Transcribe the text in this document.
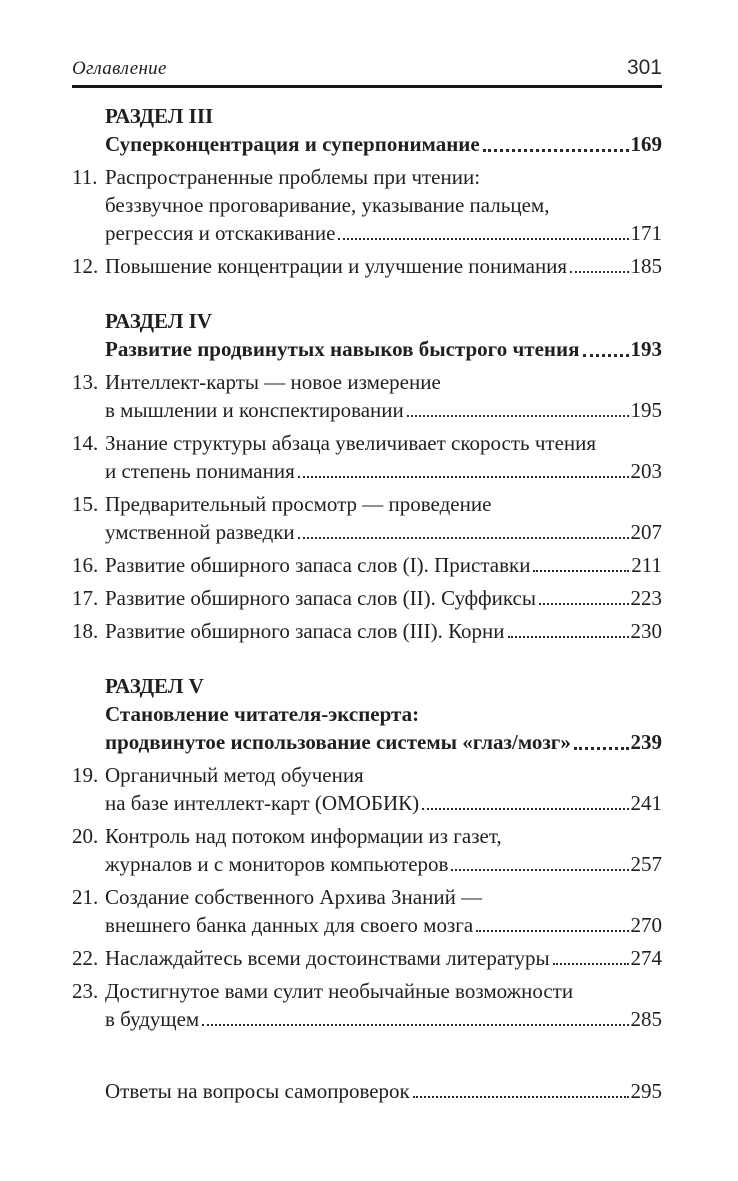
Оглавление	301
РАЗДЕЛ III
Суперконцентрация и суперпонимание	169
11. Распространенные проблемы при чтении:
беззвучное проговаривание, указывание пальцем,
регрессия и отскакивание	171
12. Повышение концентрации и улучшение понимания	185
РАЗДЕЛ IV
Развитие продвинутых навыков быстрого чтения 193
13. Интеллект-карты — новое измерение
в мышлении и конспектировании	195
14. Знание структуры абзаца увеличивает скорость чтения
и степень понимания	203
15. Предварительный просмотр — проведение
умственной разведки	207
16. Развитие обширного запаса слов (I). Приставки	211
17. Развитие обширного запаса слов (II). Суффиксы	223
18. Развитие обширного запаса слов (III). Корни	230
РАЗДЕЛ V
Становление читателя-эксперта:
продвинутое использование системы «глаз/мозг»	239
19. Органичный метод обучения
на базе интеллект-карт (ОМОБИК)	241
20. Контроль над потоком информации из газет,
журналов и с мониторов компьютеров	257
21. Создание собственного Архива Знаний —
внешнего банка данных для своего мозга	270
22. Наслаждайтесь всеми достоинствами литературы	274
23. Достигнутое вами сулит необычайные возможности
в будущем	285
Ответы на вопросы самопроверок	295
